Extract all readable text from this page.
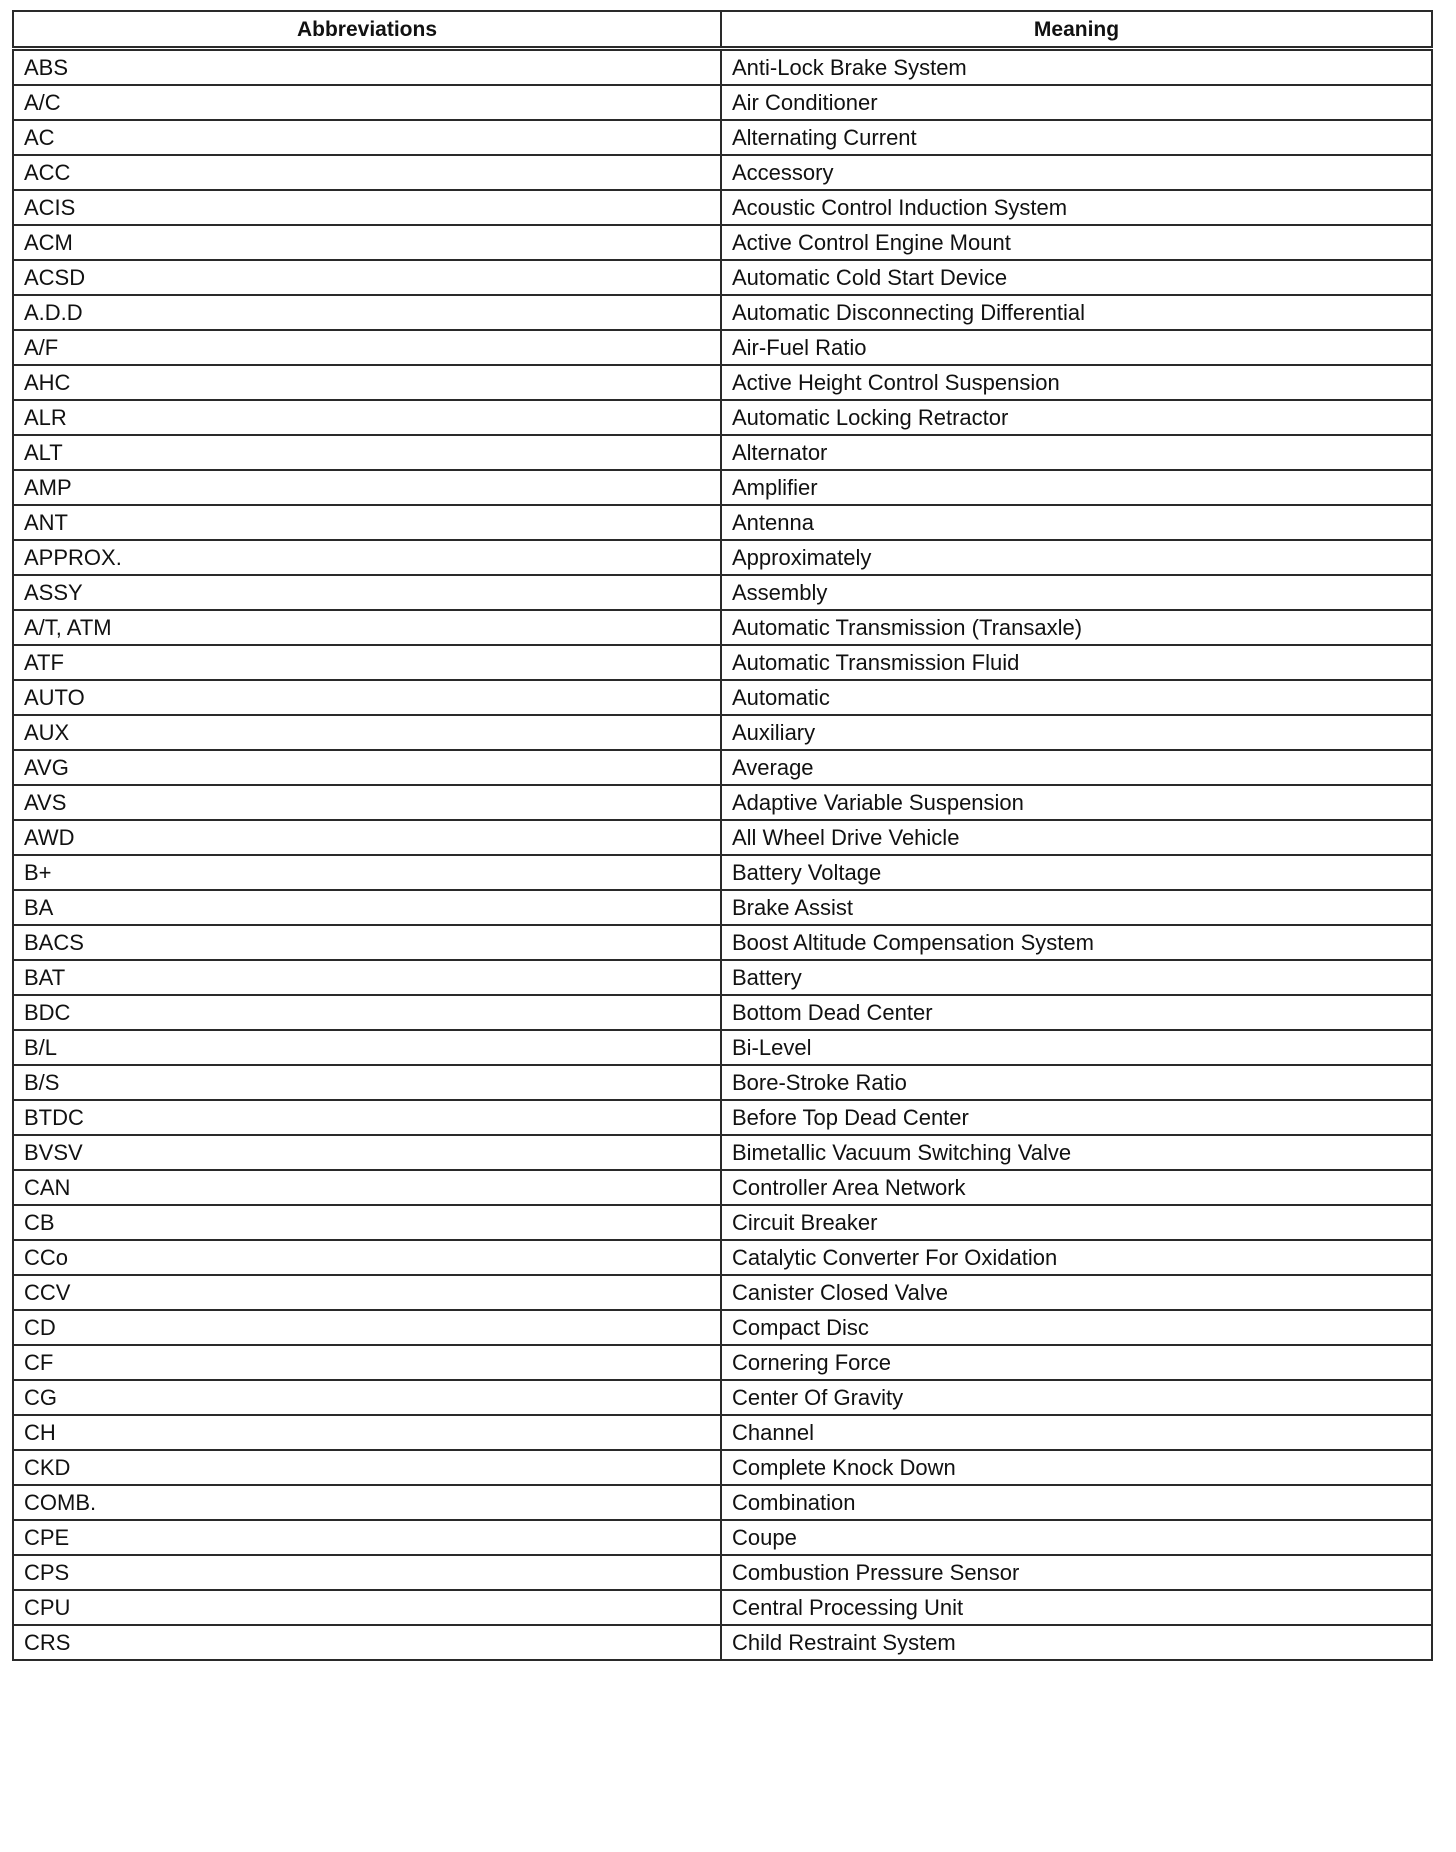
Abbreviations	Meaning
ABS	Anti-Lock Brake System
A/C	Air Conditioner
AC	Alternating Current
ACC	Accessory
ACIS	Acoustic Control Induction System
ACM	Active Control Engine Mount
ACSD	Automatic Cold Start Device
A.D.D	Automatic Disconnecting Differential
A/F	Air-Fuel Ratio
AHC	Active Height Control Suspension
ALR	Automatic Locking Retractor
ALT	Alternator
AMP	Amplifier
ANT	Antenna
APPROX.	Approximately
ASSY	Assembly
A/T, ATM	Automatic Transmission (Transaxle)
ATF	Automatic Transmission Fluid
AUTO	Automatic
AUX	Auxiliary
AVG	Average
AVS	Adaptive Variable Suspension
AWD	All Wheel Drive Vehicle
B+	Battery Voltage
BA	Brake Assist
BACS	Boost Altitude Compensation System
BAT	Battery
BDC	Bottom Dead Center
B/L	Bi-Level
B/S	Bore-Stroke Ratio
BTDC	Before Top Dead Center
BVSV	Bimetallic Vacuum Switching Valve
CAN	Controller Area Network
CB	Circuit Breaker
CCo	Catalytic Converter For Oxidation
CCV	Canister Closed Valve
CD	Compact Disc
CF	Cornering Force
CG	Center Of Gravity
CH	Channel
CKD	Complete Knock Down
COMB.	Combination
CPE	Coupe
CPS	Combustion Pressure Sensor
CPU	Central Processing Unit
CRS	Child Restraint System
